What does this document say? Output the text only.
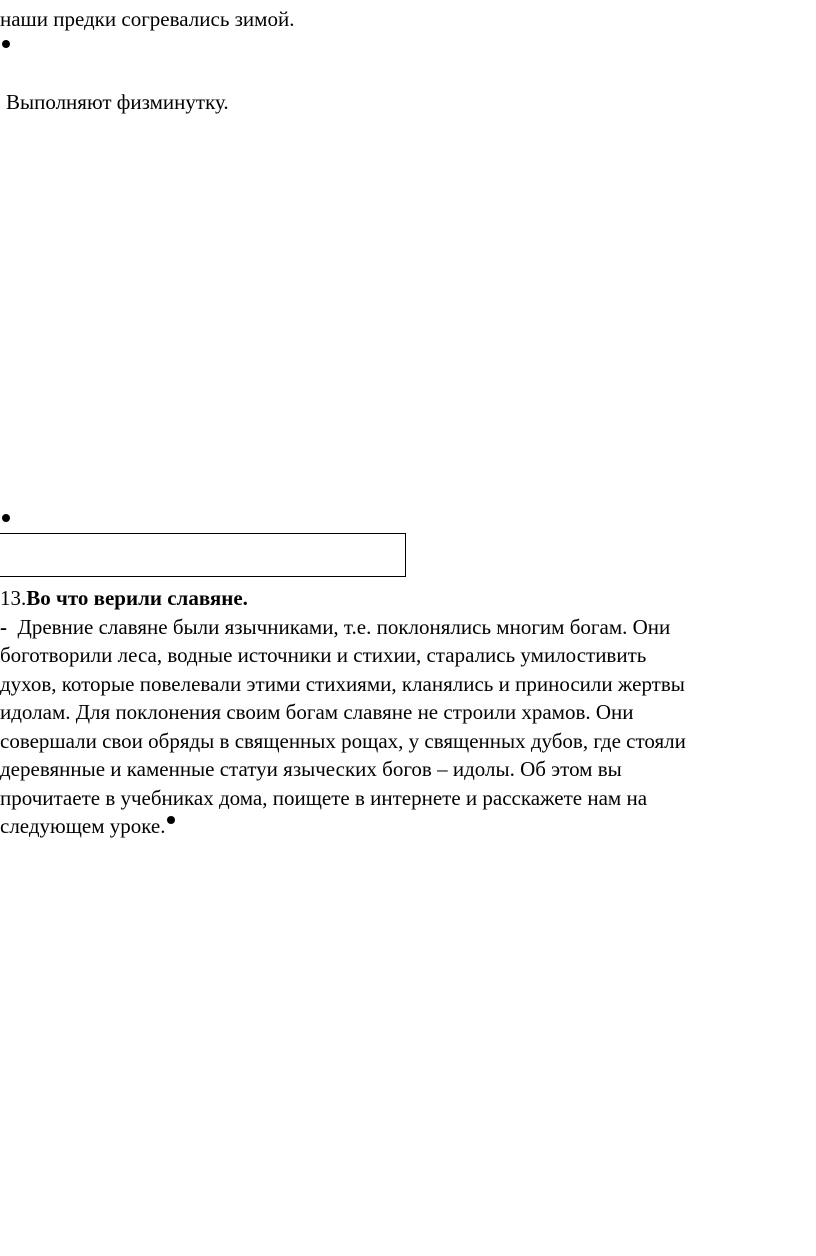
наши предки согревались зимой.
Выполняют физминутку.
13.Во что верили славяне.
- Древние славяне были язычниками, т.е. поклонялись многим богам. Они
боготворили леса, водные источники и стихии, старались умилостивить
духов, которые повелевали этими стихиями, кланялись и приносили жертвы
идолам. Для поклонения своим богам славяне не строили храмов. Они
совершали свои обряды в священных рощах, у священных дубов, где стояли
деревянные и каменные статуи языческих богов – идолы. Об этом вы
прочитаете в учебниках дома, поищете в интернете и расскажете нам на
следующем уроке.
